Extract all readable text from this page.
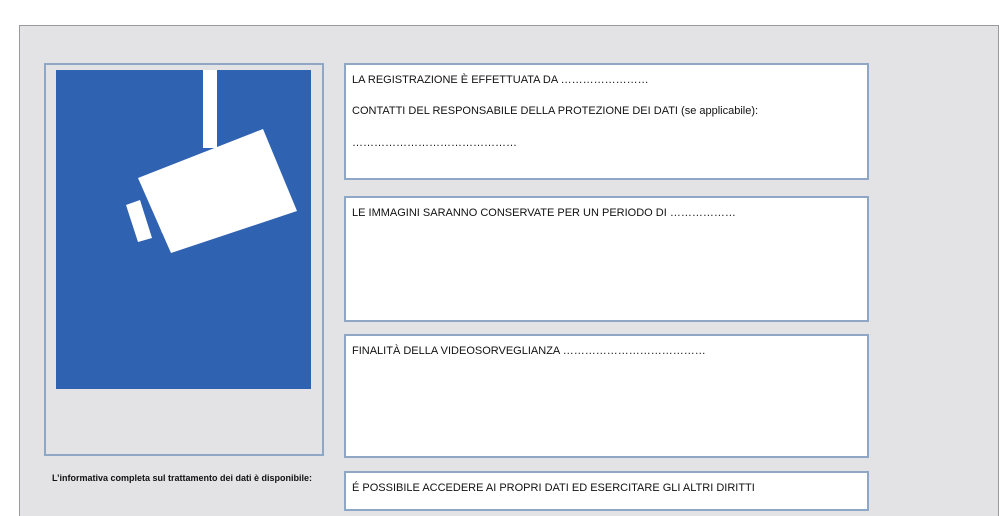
LA REGISTRAZIONE È EFFETTUATA DA ……………………

CONTATTI DEL RESPONSABILE DELLA PROTEZIONE DEI DATI (se applicabile):

………………………………………

LE IMMAGINI SARANNO CONSERVATE PER UN PERIODO DI ………………

FINALITÀ DELLA VIDEOSORVEGLIANZA …………………………………

É POSSIBILE ACCEDERE AI PROPRI DATI ED ESERCITARE GLI ALTRI DIRITTI

L’informativa completa sul trattamento dei dati è disponibile:
